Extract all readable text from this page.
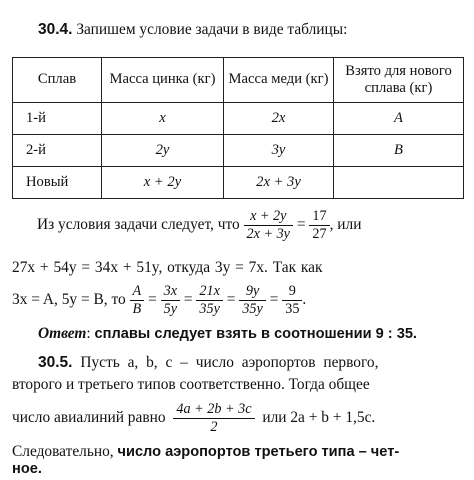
30.4. Запишем условие задачи в виде таблицы:
Сплав	Масса цинка (кг)	Масса меди (кг)	Взято для нового сплава (кг)
1-й	x	2x	A
2-й	2y	3y	B
Новый	x + 2y	2x + 3y	
Из условия задачи следует, что $\frac{x + 2y}{2x + 3y} = \frac{17}{27}$ , или
27x + 54y = 34x + 51y, откуда 3y = 7x. Так как
3x = A, 5y = B, то $\frac{A}{B} = \frac{3x}{5y} = \frac{21x}{35y} = \frac{9y}{35y} = \frac{9}{35}$ .
Ответ: сплавы следует взять в соотношении 9 : 35.
30.5. Пусть a, b, c – число аэропортов первого,
второго и третьего типов соответственно. Тогда общее
число авиалиний равно $\frac{4a + 2b + 3c}{2}$ или 2a + b + 1,5c.
Следовательно, число аэропортов третьего типа – чет-
ное.
